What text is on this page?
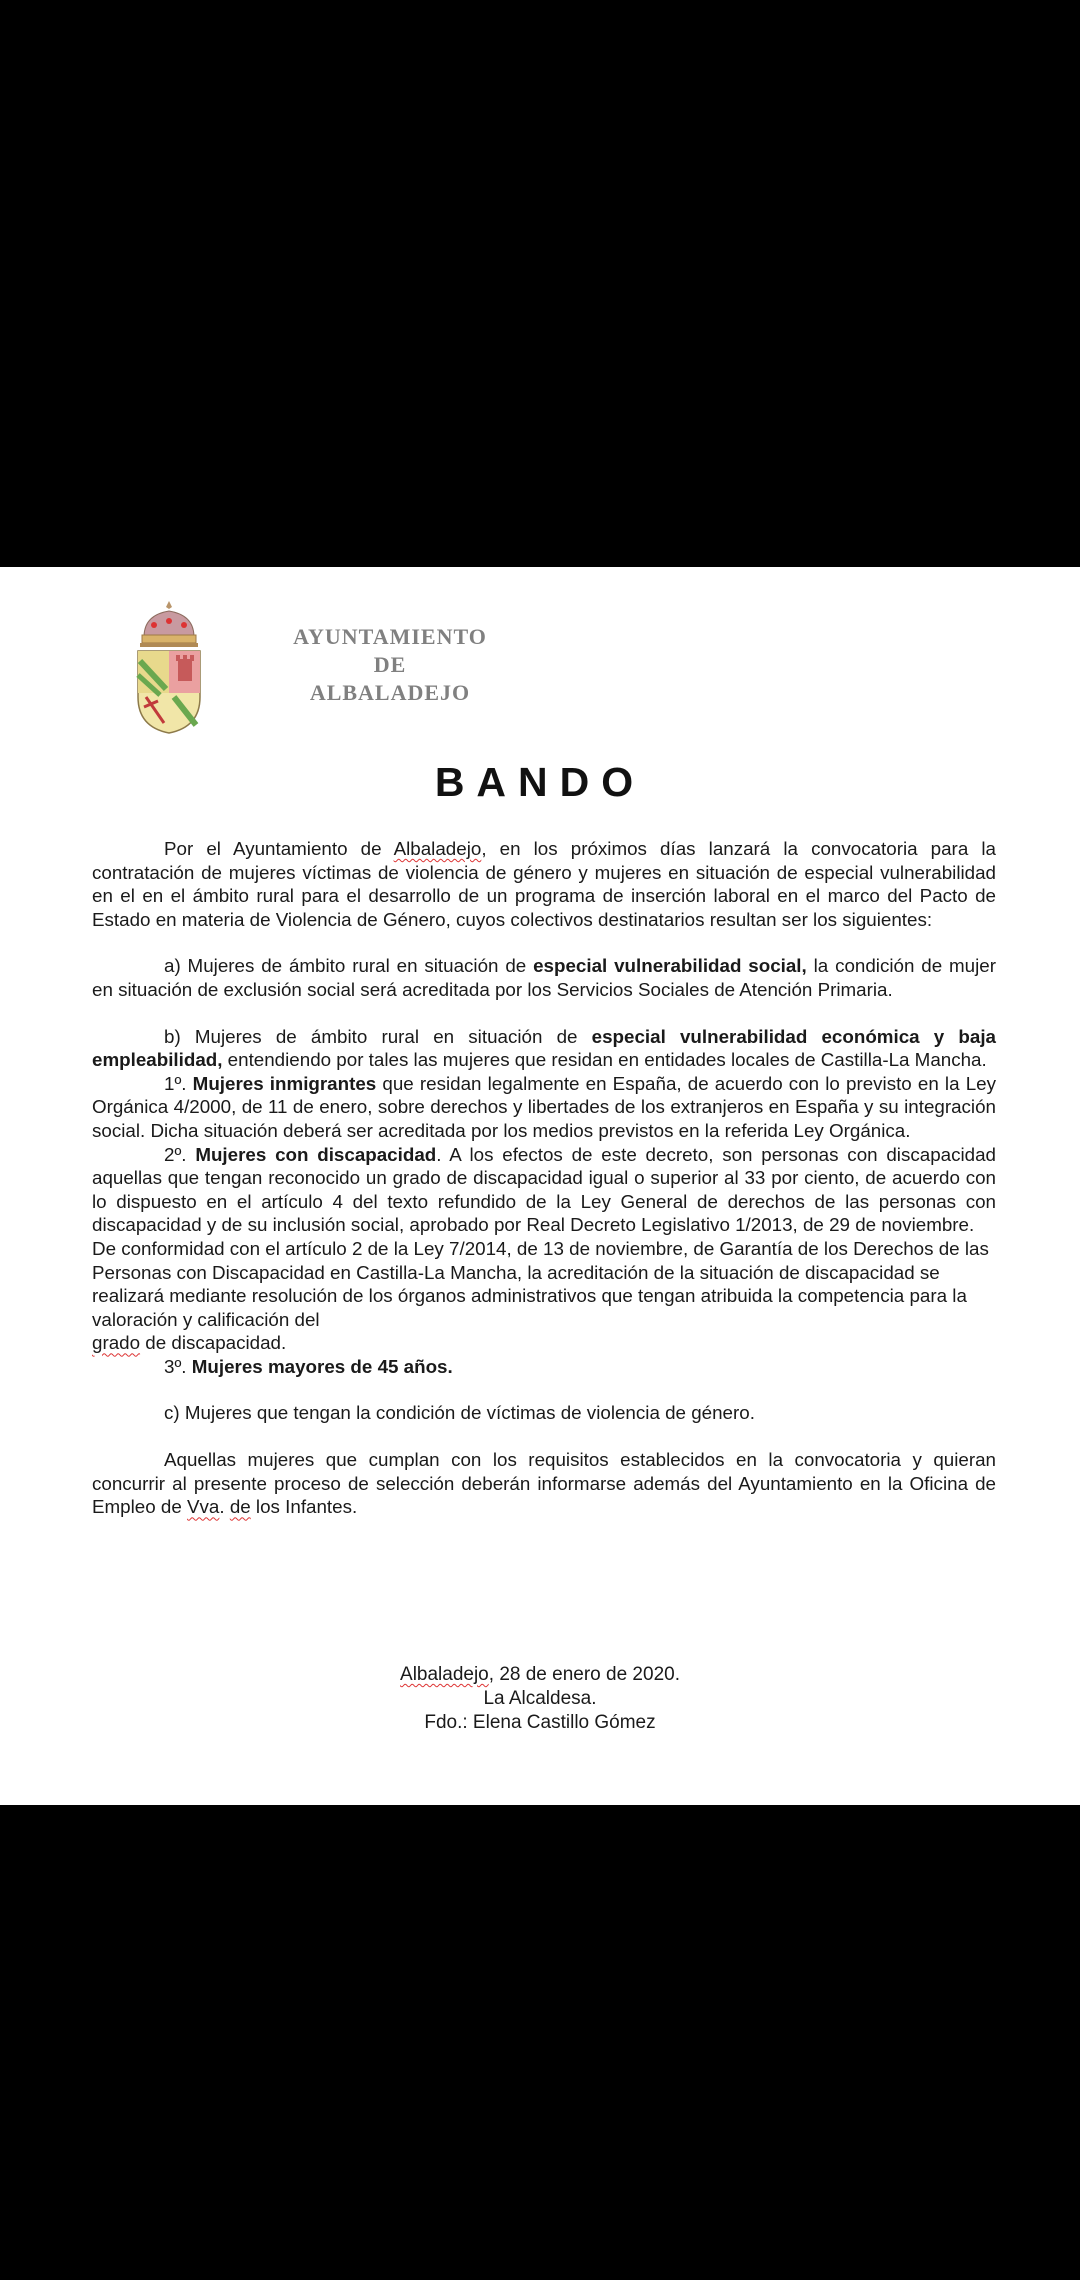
AYUNTAMIENTO
DE
ALBALADEJO
BANDO

Por el Ayuntamiento de Albaladejo, en los próximos días lanzará la convocatoria para la contratación de mujeres víctimas de violencia de género y mujeres en situación de especial vulnerabilidad en el en el ámbito rural para el desarrollo de un programa de inserción laboral en el marco del Pacto de Estado en materia de Violencia de Género, cuyos colectivos destinatarios resultan ser los siguientes:

a) Mujeres de ámbito rural en situación de especial vulnerabilidad social, la condición de mujer en situación de exclusión social será acreditada por los Servicios Sociales de Atención Primaria.

b) Mujeres de ámbito rural en situación de especial vulnerabilidad económica y baja empleabilidad, entendiendo por tales las mujeres que residan en entidades locales de Castilla-La Mancha.

1º. Mujeres inmigrantes que residan legalmente en España, de acuerdo con lo previsto en la Ley Orgánica 4/2000, de 11 de enero, sobre derechos y libertades de los extranjeros en España y su integración social. Dicha situación deberá ser acreditada por los medios previstos en la referida Ley Orgánica.

2º. Mujeres con discapacidad. A los efectos de este decreto, son personas con discapacidad aquellas que tengan reconocido un grado de discapacidad igual o superior al 33 por ciento, de acuerdo con lo dispuesto en el artículo 4 del texto refundido de la Ley General de derechos de las personas con discapacidad y de su inclusión social, aprobado por Real Decreto Legislativo 1/2013, de 29 de noviembre.

De conformidad con el artículo 2 de la Ley 7/2014, de 13 de noviembre, de Garantía de los Derechos de las Personas con Discapacidad en Castilla-La Mancha, la acreditación de la situación de discapacidad se realizará mediante resolución de los órganos administrativos que tengan atribuida la competencia para la valoración y calificación del
grado de discapacidad.

3º. Mujeres mayores de 45 años.

c) Mujeres que tengan la condición de víctimas de violencia de género.

Aquellas mujeres que cumplan con los requisitos establecidos en la convocatoria y quieran concurrir al presente proceso de selección deberán informarse además del Ayuntamiento en la Oficina de Empleo de Vva. de los Infantes.

Albaladejo, 28 de enero de 2020.
La Alcaldesa.
Fdo.: Elena Castillo Gómez
